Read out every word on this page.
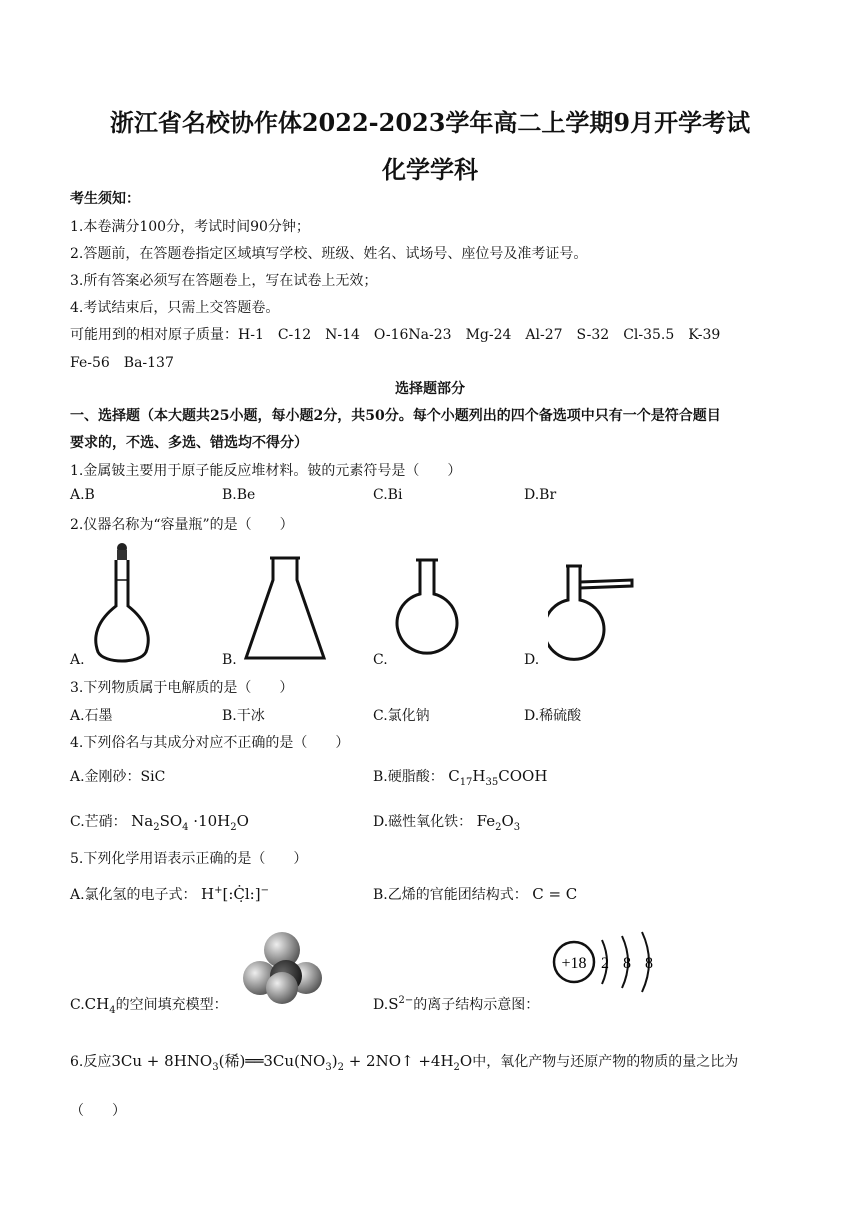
浙江省名校协作体2022-2023学年高二上学期9月开学考试
化学学科
考生须知：
1.本卷满分100分，考试时间90分钟；
2.答题前，在答题卷指定区域填写学校、班级、姓名、试场号、座位号及准考证号。
3.所有答案必须写在答题卷上，写在试卷上无效；
4.考试结束后，只需上交答题卷。
可能用到的相对原子质量：H-1　C-12　N-14　O-16Na-23　Mg-24　Al-27　S-32　Cl-35.5　K-39
Fe-56　Ba-137
选择题部分
一、选择题（本大题共25小题，每小题2分，共50分。每个小题列出的四个备选项中只有一个是符合题目
要求的，不选、多选、错选均不得分）
1.金属铍主要用于原子能反应堆材料。铍的元素符号是（　　）
A.B	B.Be	C.Bi	D.Br
2.仪器名称为“容量瓶”的是（　　）
A.	B.	C.	D.
3.下列物质属于电解质的是（　　）
A.石墨	B.干冰	C.氯化钠	D.稀硫酸
4.下列俗名与其成分对应不正确的是（　　）
A.金刚砂：SiC	B.硬脂酸： $C_{17}H_{35}COOH$
C.芒硝： $Na_2SO_4 \cdot 10H_2O$	D.磁性氧化铁： $Fe_2O_3$
5.下列化学用语表示正确的是（　　）
A.氯化氢的电子式： H+[:Ċ̣l:]−	B.乙烯的官能团结构式： C = C
$C.CH_4$的空间填充模型：
+18 2 8 8
$D.S^{2-}$的离子结构示意图：
6.反应$3Cu + 8HNO_3$(稀)$══3Cu(NO_3)_2$ + 2NO↑ $+4H_2O$中，氧化产物与还原产物的物质的量之比为
（　　）
